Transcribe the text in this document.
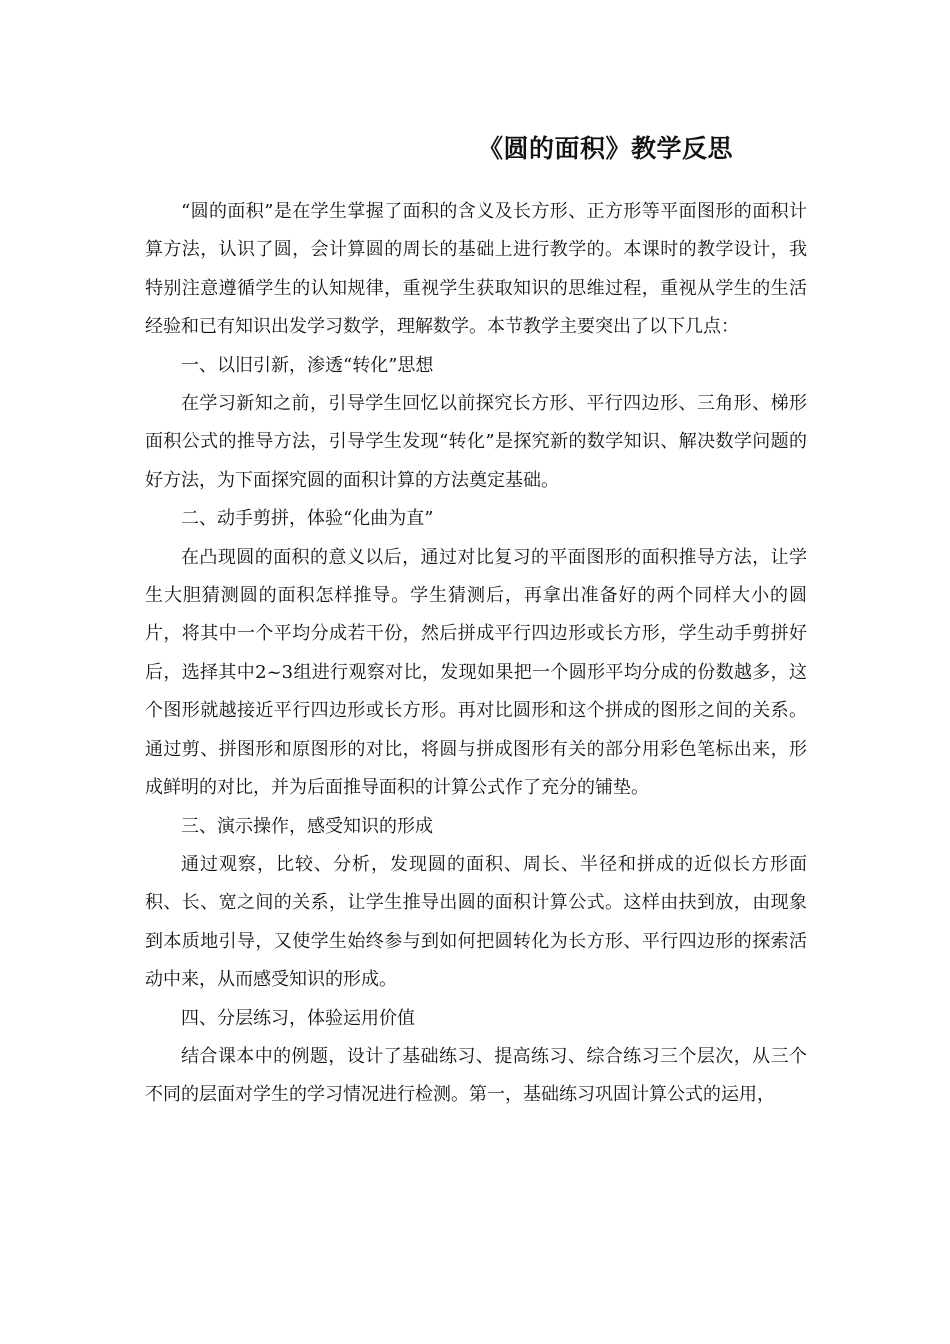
《圆的面积》教学反思

“圆的面积”是在学生掌握了面积的含义及长方形、正方形等平面图形的面积计算方法，认识了圆，会计算圆的周长的基础上进行教学的。本课时的教学设计，我特别注意遵循学生的认知规律，重视学生获取知识的思维过程，重视从学生的生活经验和已有知识出发学习数学，理解数学。本节教学主要突出了以下几点：

一、以旧引新，渗透“转化”思想

在学习新知之前，引导学生回忆以前探究长方形、平行四边形、三角形、梯形面积公式的推导方法，引导学生发现“转化”是探究新的数学知识、解决数学问题的好方法，为下面探究圆的面积计算的方法奠定基础。

二、动手剪拼，体验“化曲为直”

在凸现圆的面积的意义以后，通过对比复习的平面图形的面积推导方法，让学生大胆猜测圆的面积怎样推导。学生猜测后，再拿出准备好的两个同样大小的圆片，将其中一个平均分成若干份，然后拼成平行四边形或长方形，学生动手剪拼好后，选择其中2~3组进行观察对比，发现如果把一个圆形平均分成的份数越多，这个图形就越接近平行四边形或长方形。再对比圆形和这个拼成的图形之间的关系。通过剪、拼图形和原图形的对比，将圆与拼成图形有关的部分用彩色笔标出来，形成鲜明的对比，并为后面推导面积的计算公式作了充分的铺垫。

三、演示操作，感受知识的形成

通过观察，比较、分析，发现圆的面积、周长、半径和拼成的近似长方形面积、长、宽之间的关系，让学生推导出圆的面积计算公式。这样由扶到放，由现象到本质地引导，又使学生始终参与到如何把圆转化为长方形、平行四边形的探索活动中来，从而感受知识的形成。

四、分层练习，体验运用价值

结合课本中的例题，设计了基础练习、提高练习、综合练习三个层次，从三个不同的层面对学生的学习情况进行检测。第一，基础练习巩固计算公式的运用，
